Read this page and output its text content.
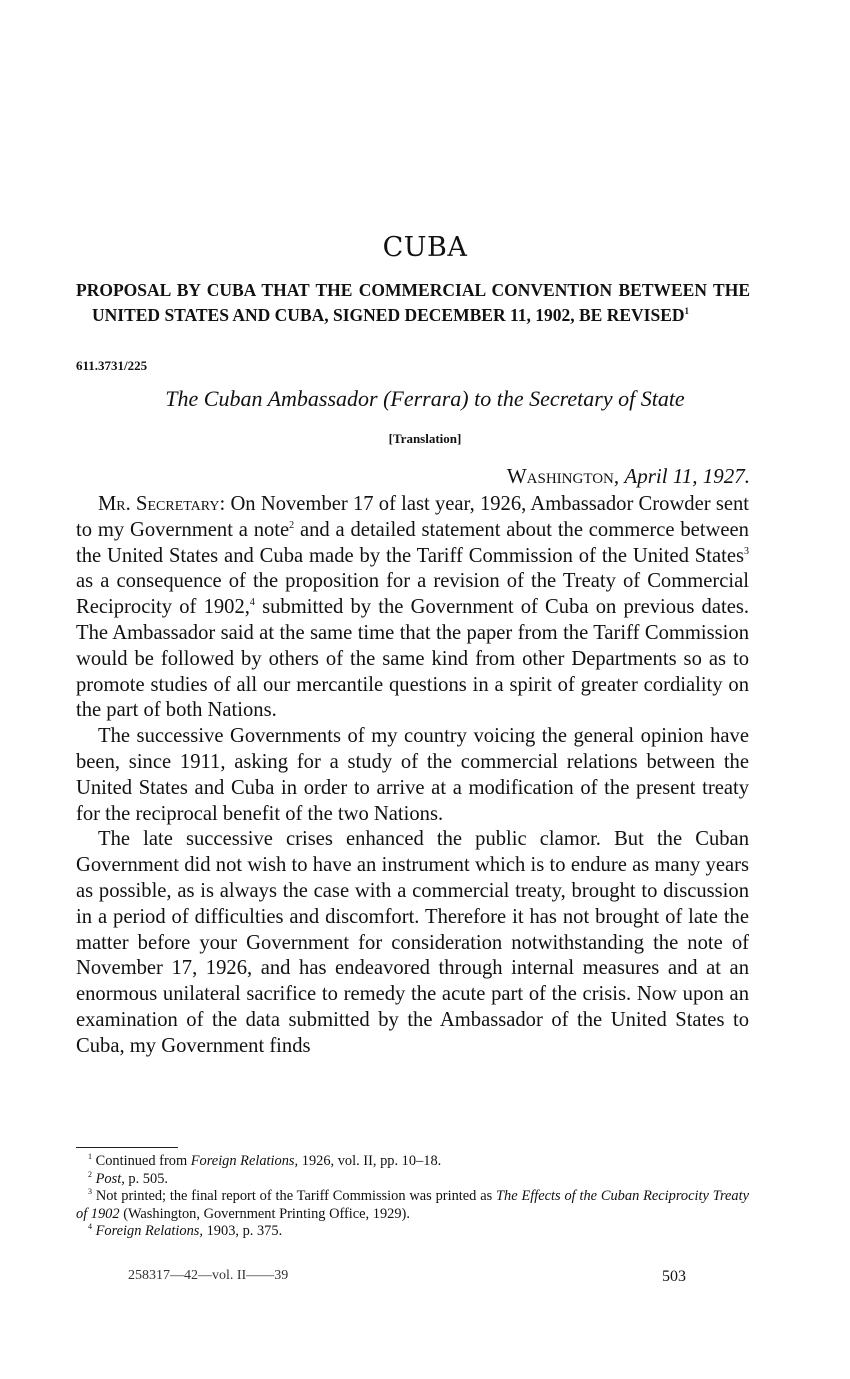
CUBA
PROPOSAL BY CUBA THAT THE COMMERCIAL CONVENTION BETWEEN THE UNITED STATES AND CUBA, SIGNED DECEMBER 11, 1902, BE REVISED$^1$
611.3731/225
The Cuban Ambassador (Ferrara) to the Secretary of State
[Translation]
Washington, April 11, 1927.

Mr. Secretary: On November 17 of last year, 1926, Ambassador Crowder sent to my Government a note$^2$ and a detailed statement about the commerce between the United States and Cuba made by the Tariff Commission of the United States$^3$ as a consequence of the proposition for a revision of the Treaty of Commercial Reciprocity of 1902,$^4$ submitted by the Government of Cuba on previous dates. The Ambassador said at the same time that the paper from the Tariff Commission would be followed by others of the same kind from other Departments so as to promote studies of all our mercantile questions in a spirit of greater cordiality on the part of both Nations.

The successive Governments of my country voicing the general opinion have been, since 1911, asking for a study of the commercial relations between the United States and Cuba in order to arrive at a modification of the present treaty for the reciprocal benefit of the two Nations.

The late successive crises enhanced the public clamor. But the Cuban Government did not wish to have an instrument which is to endure as many years as possible, as is always the case with a commercial treaty, brought to discussion in a period of difficulties and discomfort. Therefore it has not brought of late the matter before your Government for consideration notwithstanding the note of November 17, 1926, and has endeavored through internal measures and at an enormous unilateral sacrifice to remedy the acute part of the crisis. Now upon an examination of the data submitted by the Ambassador of the United States to Cuba, my Government finds

$^1$ Continued from Foreign Relations, 1926, vol. II, pp. 10–18.

$^2$ Post, p. 505.

$^3$ Not printed; the final report of the Tariff Commission was printed as The Effects of the Cuban Reciprocity Treaty of 1902 (Washington, Government Printing Office, 1929).

$^4$ Foreign Relations, 1903, p. 375.

258317—42—vol. II——39	503
